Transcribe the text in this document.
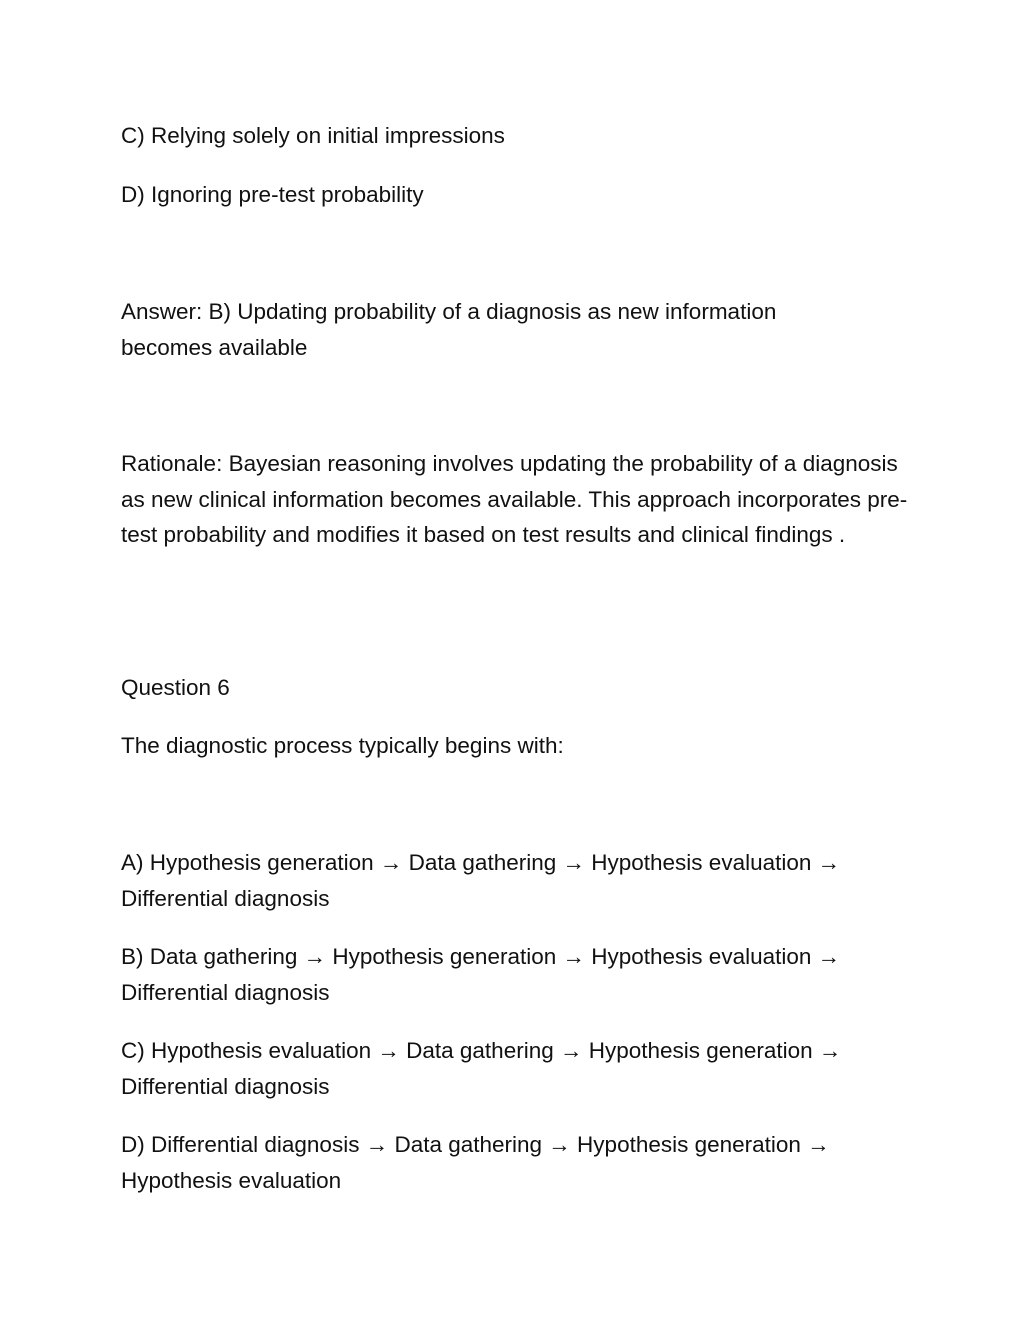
C) Relying solely on initial impressions

D) Ignoring pre-test probability

Answer: B) Updating probability of a diagnosis as new information becomes available

Rationale: Bayesian reasoning involves updating the probability of a diagnosis as new clinical information becomes available. This approach incorporates pre-test probability and modifies it based on test results and clinical findings .

Question 6

The diagnostic process typically begins with:

A) Hypothesis generation → Data gathering → Hypothesis evaluation → Differential diagnosis

B) Data gathering → Hypothesis generation → Hypothesis evaluation → Differential diagnosis

C) Hypothesis evaluation → Data gathering → Hypothesis generation → Differential diagnosis

D) Differential diagnosis → Data gathering → Hypothesis generation → Hypothesis evaluation
